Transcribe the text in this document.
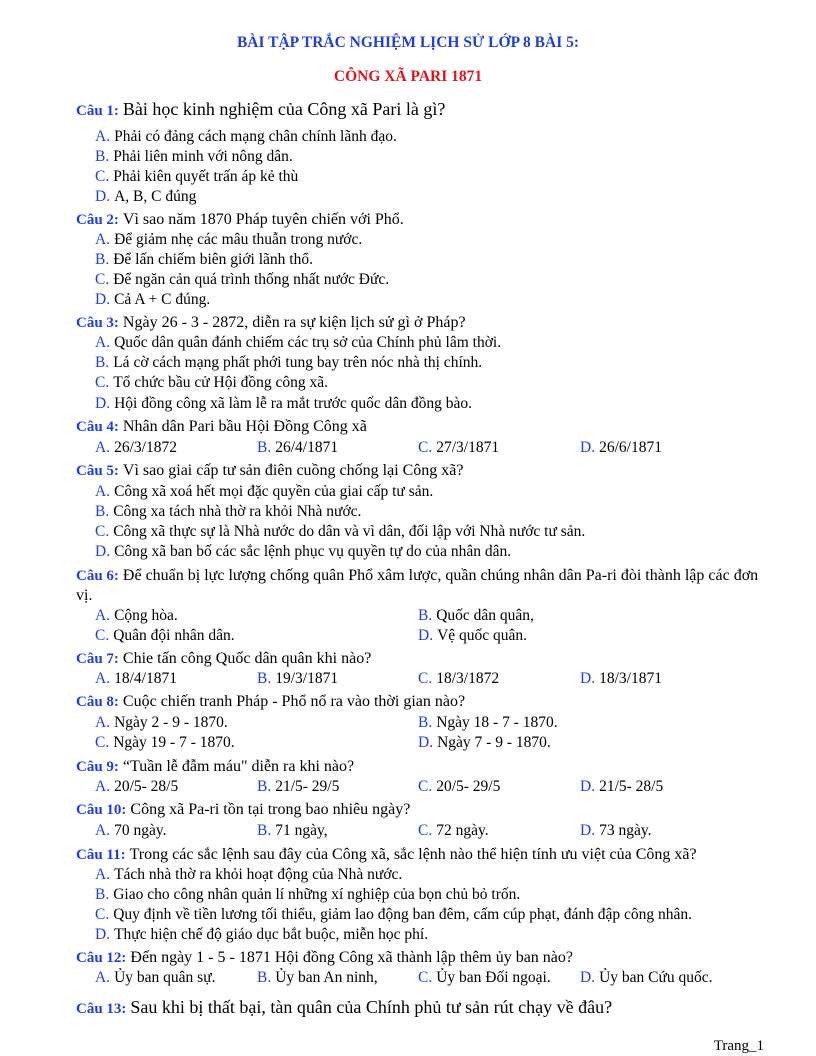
BÀI TẬP TRẮC NGHIỆM LỊCH SỬ LỚP 8 BÀI 5:
CÔNG XÃ PARI 1871
Câu 1: Bài học kinh nghiệm của Công xã Pari là gì?
A. Phải có đảng cách mạng chân chính lãnh đạo.
B. Phải liên minh với nông dân.
C. Phải kiên quyết trấn áp kẻ thù
D. A, B, C đúng
Câu 2: Vì sao năm 1870 Pháp tuyên chiến với Phổ.
A. Để giảm nhẹ các mâu thuẫn trong nước.
B. Để lấn chiếm biên giới lãnh thổ.
C. Để ngăn cản quá trình thống nhất nước Đức.
D. Cả A + C đúng.
Câu 3: Ngày 26 - 3 - 2872, diễn ra sự kiện lịch sử gì ở Pháp?
A. Quốc dân quân đánh chiếm các trụ sở của Chính phủ lâm thời.
B. Lá cờ cách mạng phất phới tung bay trên nóc nhà thị chính.
C. Tổ chức bầu cử Hội đồng công xã.
D. Hội đồng công xã làm lễ ra mắt trước quốc dân đồng bào.
Câu 4: Nhân dân Pari bầu Hội Đồng Công xã
A. 26/3/1872	B. 26/4/1871	C. 27/3/1871	D. 26/6/1871
Câu 5: Vì sao giai cấp tư sản điên cuồng chống lại Công xã?
A. Công xã xoá hết mọi đặc quyền của giai cấp tư sản.
B. Công xa tách nhà thờ ra khỏi Nhà nước.
C. Công xã thực sự là Nhà nước do dân và vì dân, đối lập với Nhà nước tư sản.
D. Công xã ban bố các sắc lệnh phục vụ quyền tự do của nhân dân.
Câu 6: Để chuẩn bị lực lượng chống quân Phổ xâm lược, quần chúng nhân dân Pa-ri đòi thành lập các đơn vị.
A. Cộng hòa.	B. Quốc dân quân,
C. Quân đội nhân dân.	D. Vệ quốc quân.
Câu 7: Chie tấn công Quốc dân quân khi nào?
A. 18/4/1871	B. 19/3/1871	C. 18/3/1872	D. 18/3/1871
Câu 8: Cuộc chiến tranh Pháp - Phổ nổ ra vào thời gian nào?
A. Ngày 2 - 9 - 1870.	B. Ngày 18 - 7 - 1870.
C. Ngày 19 - 7 - 1870.	D. Ngày 7 - 9 - 1870.
Câu 9: “Tuần lễ đẫm máu" diễn ra khi nào?
A. 20/5- 28/5	B. 21/5- 29/5	C. 20/5- 29/5	D. 21/5- 28/5
Câu 10: Công xã Pa-ri tồn tại trong bao nhiêu ngày?
A. 70 ngày.	B. 71 ngày,	C. 72 ngày.	D. 73 ngày.
Câu 11: Trong các sắc lệnh sau đây của Công xã, sắc lệnh nào thể hiện tính ưu việt của Công xã?
A. Tách nhà thờ ra khỏi hoạt động của Nhà nước.
B. Giao cho công nhân quản lí những xí nghiệp của bọn chủ bỏ trốn.
C. Quy định về tiền lương tối thiểu, giảm lao động ban đêm, cấm cúp phạt, đánh đập công nhân.
D. Thực hiện chế độ giáo dục bắt buộc, miễn học phí.
Câu 12: Đến ngày 1 - 5 - 1871 Hội đồng Công xã thành lập thêm ủy ban nào?
A. Ủy ban quân sự.	B. Ủy ban An ninh,	C. Ủy ban Đối ngoại. D. Ủy ban Cứu quốc.
Câu 13: Sau khi bị thất bại, tàn quân của Chính phủ tư sản rút chạy về đâu?
Trang_1
